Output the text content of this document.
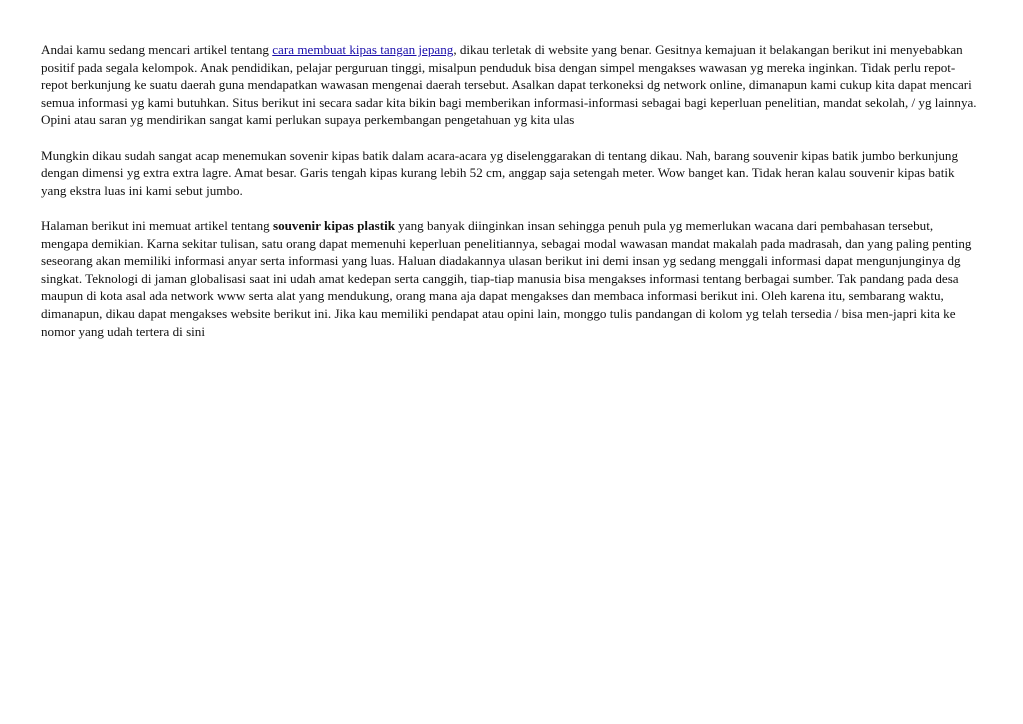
Andai kamu sedang mencari artikel tentang cara membuat kipas tangan jepang, dikau terletak di website yang benar. Gesitnya kemajuan it belakangan berikut ini menyebabkan positif pada segala kelompok. Anak pendidikan, pelajar perguruan tinggi, misalpun penduduk bisa dengan simpel mengakses wawasan yg mereka inginkan. Tidak perlu repot-repot berkunjung ke suatu daerah guna mendapatkan wawasan mengenai daerah tersebut. Asalkan dapat terkoneksi dg network online, dimanapun kami cukup kita dapat mencari semua informasi yg kami butuhkan. Situs berikut ini secara sadar kita bikin bagi memberikan informasi-informasi sebagai bagi keperluan penelitian, mandat sekolah, / yg lainnya. Opini atau saran yg mendirikan sangat kami perlukan supaya perkembangan pengetahuan yg kita ulas

Mungkin dikau sudah sangat acap menemukan sovenir kipas batik dalam acara-acara yg diselenggarakan di tentang dikau. Nah, barang souvenir kipas batik jumbo berkunjung dengan dimensi yg extra extra lagre. Amat besar. Garis tengah kipas kurang lebih 52 cm, anggap saja setengah meter. Wow banget kan. Tidak heran kalau souvenir kipas batik yang ekstra luas ini kami sebut jumbo.

Halaman berikut ini memuat artikel tentang souvenir kipas plastik yang banyak diinginkan insan sehingga penuh pula yg memerlukan wacana dari pembahasan tersebut, mengapa demikian. Karna sekitar tulisan, satu orang dapat memenuhi keperluan penelitiannya, sebagai modal wawasan mandat makalah pada madrasah, dan yang paling penting seseorang akan memiliki informasi anyar serta informasi yang luas. Haluan diadakannya ulasan berikut ini demi insan yg sedang menggali informasi dapat mengunjunginya dg singkat. Teknologi di jaman globalisasi saat ini udah amat kedepan serta canggih, tiap-tiap manusia bisa mengakses informasi tentang berbagai sumber. Tak pandang pada desa maupun di kota asal ada network www serta alat yang mendukung, orang mana aja dapat mengakses dan membaca informasi berikut ini. Oleh karena itu, sembarang waktu, dimanapun, dikau dapat mengakses website berikut ini. Jika kau memiliki pendapat atau opini lain, monggo tulis pandangan di kolom yg telah tersedia / bisa men-japri kita ke nomor yang udah tertera di sini
